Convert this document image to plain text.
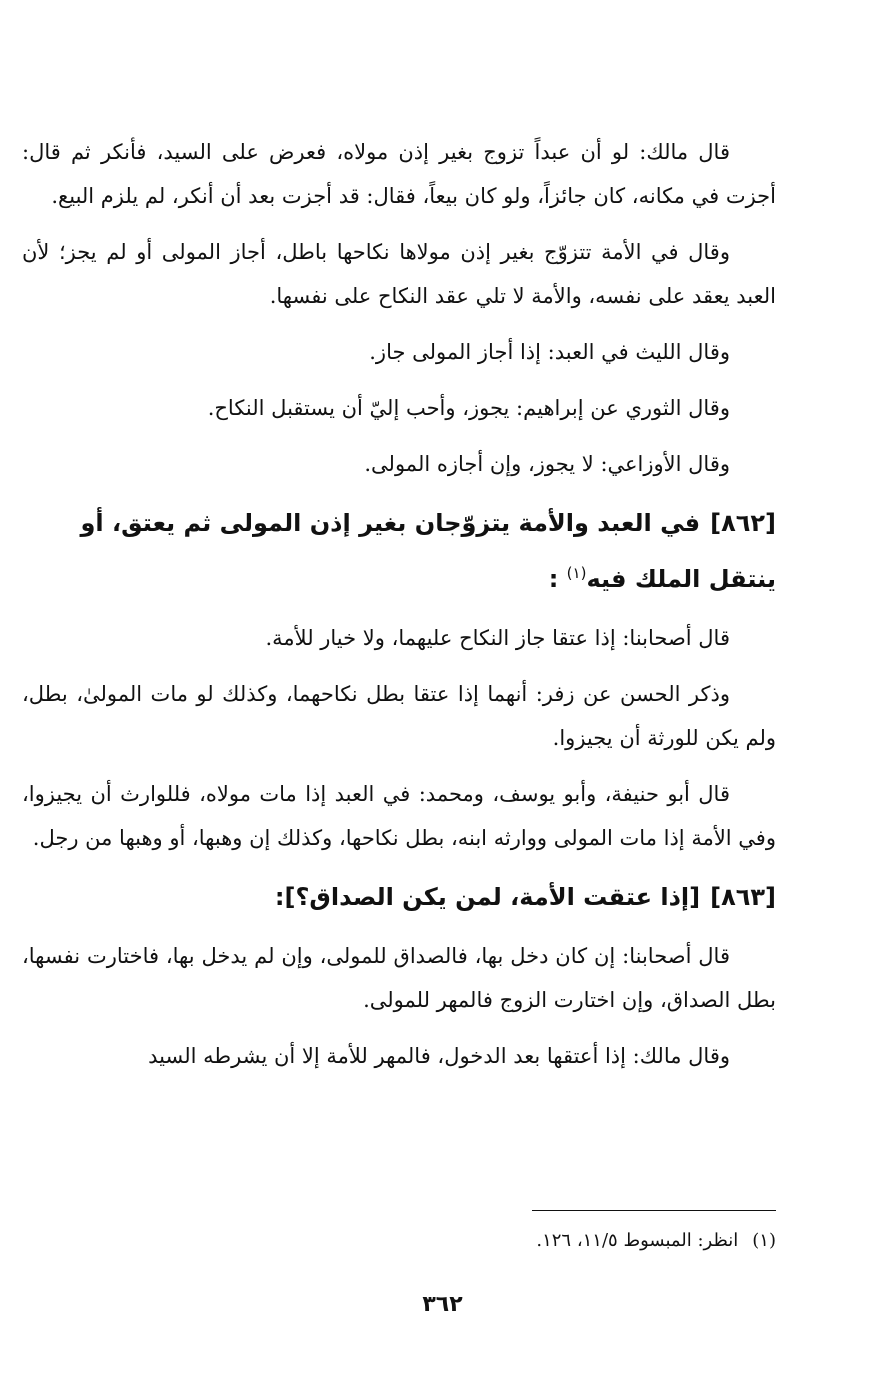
قال مالك: لو أن عبداً تزوج بغير إذن مولاه، فعرض على السيد، فأنكر ثم قال: أجزت في مكانه، كان جائزاً، ولو كان بيعاً، فقال: قد أجزت بعد أن أنكر، لم يلزم البيع.

وقال في الأمة تتزوّج بغير إذن مولاها نكاحها باطل، أجاز المولى أو لم يجز؛ لأن العبد يعقد على نفسه، والأمة لا تلي عقد النكاح على نفسها.

وقال الليث في العبد: إذا أجاز المولى جاز.

وقال الثوري عن إبراهيم: يجوز، وأحب إليّ أن يستقبل النكاح.

وقال الأوزاعي: لا يجوز، وإن أجازه المولى.

[٨٦٢]في العبد والأمة يتزوّجان بغير إذن المولى ثم يعتق، أو ينتقل الملك فيه$^{(١)}$ :

قال أصحابنا: إذا عتقا جاز النكاح عليهما، ولا خيار للأمة.

وذكر الحسن عن زفر: أنهما إذا عتقا بطل نكاحهما، وكذلك لو مات المولىٰ، بطل، ولم يكن للورثة أن يجيزوا.

قال أبو حنيفة، وأبو يوسف، ومحمد: في العبد إذا مات مولاه، فللوارث أن يجيزوا، وفي الأمة إذا مات المولى ووارثه ابنه، بطل نكاحها، وكذلك إن وهبها، أو وهبها من رجل.

[٨٦٣][إذا عتقت الأمة، لمن يكن الصداق؟]:

قال أصحابنا: إن كان دخل بها، فالصداق للمولى، وإن لم يدخل بها، فاختارت نفسها، بطل الصداق، وإن اختارت الزوج فالمهر للمولى.

وقال مالك: إذا أعتقها بعد الدخول، فالمهر للأمة إلا أن يشرطه السيد

(١)انظر: المبسوط ١١/٥، ١٢٦.
٣٦٢
